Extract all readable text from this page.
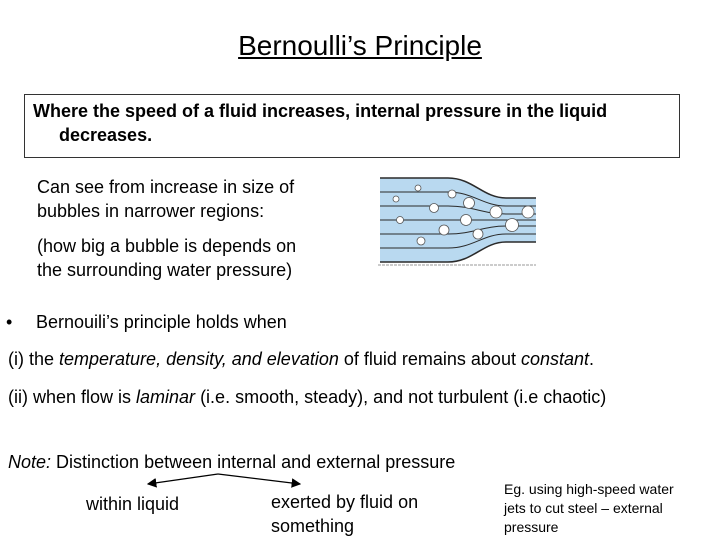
Bernoulli’s Principle
Where the speed of a fluid increases, internal pressure in the liquid
decreases.
Can see from increase in size of
bubbles in narrower regions:
(how big a bubble is depends on
the surrounding water pressure)
• Bernouili’s principle holds when
(i) the temperature, density, and elevation of fluid remains about constant.
(ii) when flow is laminar (i.e. smooth, steady), and not turbulent (i.e chaotic)
Note: Distinction between internal and external pressure
within liquid	exerted by fluid on
something
Eg. using high-speed water
jets to cut steel – external
pressure
